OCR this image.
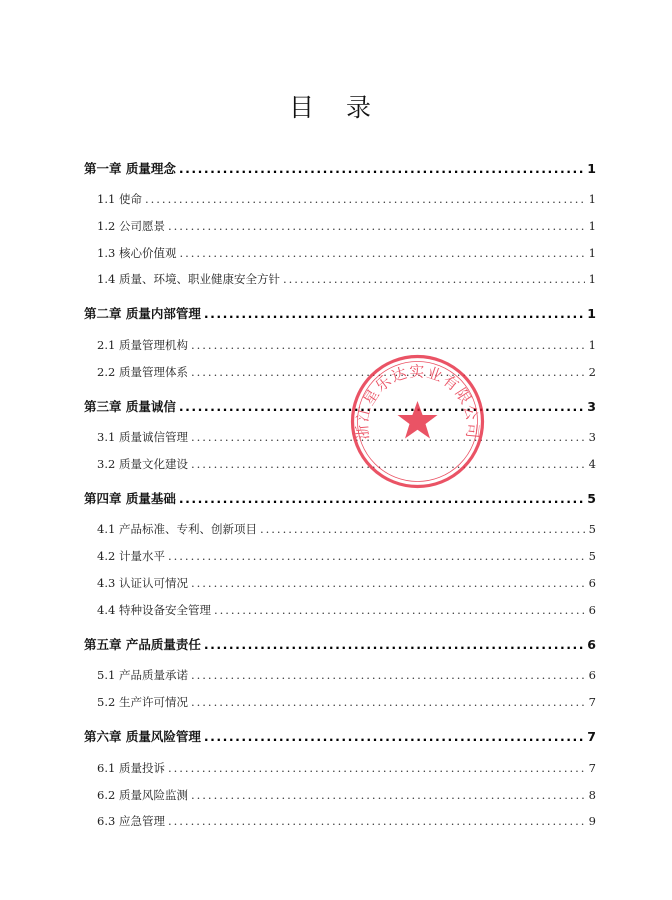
目 录
第一章 质量理念 .....	1
1.1 使命 .....	1
1.2 公司愿景 .....	1
1.3 核心价值观 .....	1
1.4 质量、环境、职业健康安全方针 .....	1
第二章 质量内部管理 .....	1
2.1 质量管理机构 .....	1
2.2 质量管理体系 .....	2
第三章 质量诚信 .....	3
3.1 质量诚信管理 .....	3
3.2 质量文化建设 .....	4
第四章 质量基础 .....	5
4.1 产品标准、专利、创新项目 .....	5
4.2 计量水平 .....	5
4.3 认证认可情况 .....	6
4.4 特种设备安全管理 .....	6
第五章 产品质量责任 .....	6
5.1 产品质量承诺 .....	6
5.2 生产许可情况 .....	7
第六章 质量风险管理 .....	7
6.1 质量投诉 .....	7
6.2 质量风险监测 .....	8
6.3 应急管理 .....	9
浙江星乐达实业有限公司
